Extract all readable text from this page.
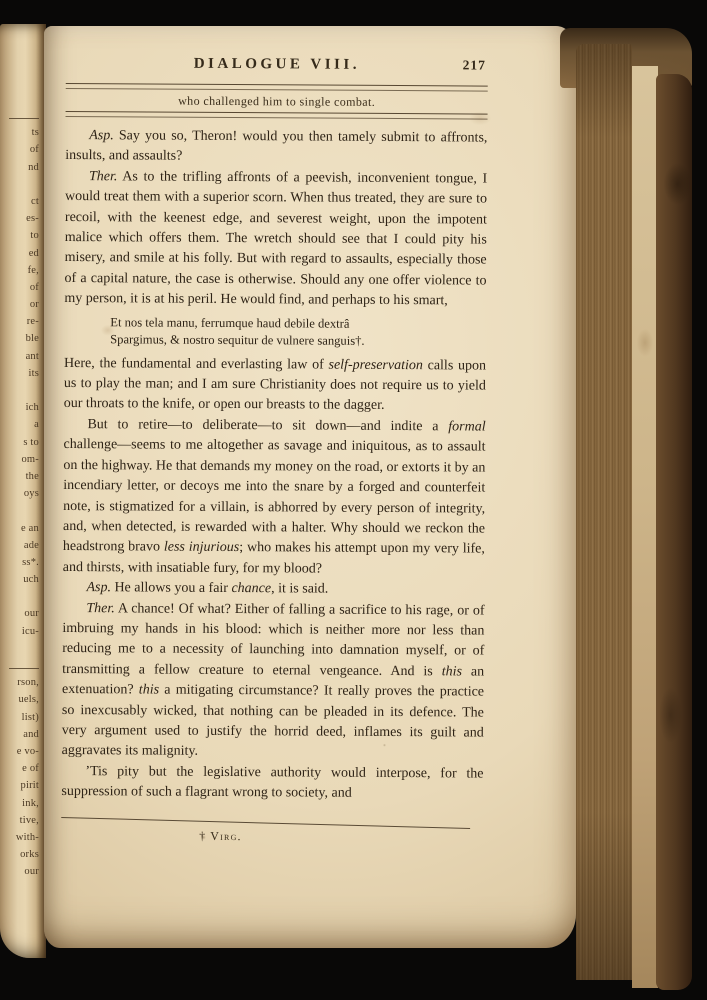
ts
of
nd
ct
es-
to
ed
fe,
of
or
re-
ble
ant
its
ich
a
s to
om-
the
oys
e an
ade
ss*.
uch
our
icu-
rson,
uels,
list)
and
e vo-
e of
pirit
ink,
tive,
with-
orks
our
DIALOGUE VIII.	217
who challenged him to single combat.

Asp. Say you so, Theron! would you then tamely submit to affronts, insults, and assaults?

Ther. As to the trifling affronts of a peevish, inconvenient tongue, I would treat them with a superior scorn. When thus treated, they are sure to recoil, with the keenest edge, and severest weight, upon the impotent malice which offers them. The wretch should see that I could pity his misery, and smile at his folly. But with regard to assaults, especially those of a capital nature, the case is otherwise. Should any one offer violence to my person, it is at his peril. He would find, and perhaps to his smart,

Et nos tela manu, ferrumque haud debile dextrâ
Spargimus, & nostro sequitur de vulnere sanguis†.

Here, the fundamental and everlasting law of self-preservation calls upon us to play the man; and I am sure Christianity does not require us to yield our throats to the knife, or open our breasts to the dagger.

But to retire—to deliberate—to sit down—and indite a formal challenge—seems to me altogether as savage and iniquitous, as to assault on the highway. He that demands my money on the road, or extorts it by an incendiary letter, or decoys me into the snare by a forged and counterfeit note, is stigmatized for a villain, is abhorred by every person of integrity, and, when detected, is rewarded with a halter. Why should we reckon the headstrong bravo less injurious; who makes his attempt upon my very life, and thirsts, with insatiable fury, for my blood?

Asp. He allows you a fair chance, it is said.

Ther. A chance! Of what? Either of falling a sacrifice to his rage, or of imbruing my hands in his blood: which is neither more nor less than reducing me to a necessity of launching into damnation myself, or of transmitting a fellow creature to eternal vengeance. And is this an extenuation? this a mitigating circumstance? It really proves the practice so inexcusably wicked, that nothing can be pleaded in its defence. The very argument used to justify the horrid deed, inflames its guilt and aggravates its malignity.

’Tis pity but the legislative authority would interpose, for the suppression of such a flagrant wrong to society, and

† Virg.
